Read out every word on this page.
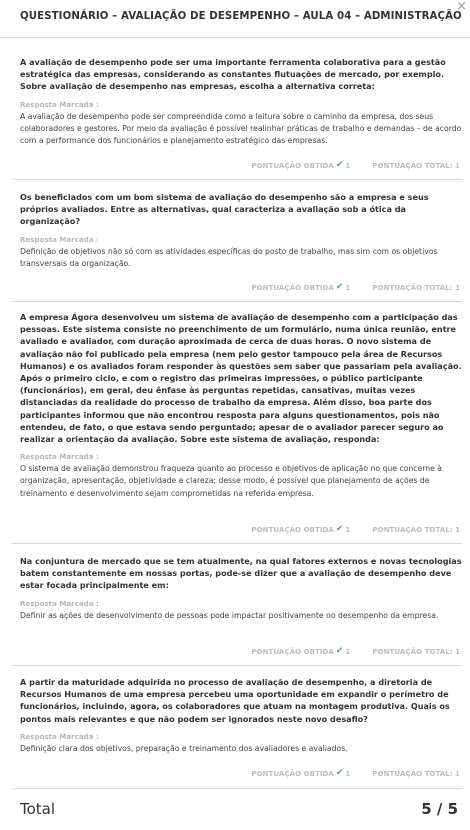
QUESTIONÁRIO – AVALIAÇÃO DE DESEMPENHO – AULA 04 – ADMINISTRAÇÃO
×
A avaliação de desempenho pode ser uma importante ferramenta colaborativa para a gestão estratégica das empresas, considerando as constantes flutuações de mercado, por exemplo. Sobre avaliação de desempenho nas empresas, escolha a alternativa correta:
Resposta Marcada :
A avaliação de desempenho pode ser compreendida como a leitura sobre o caminho da empresa, dos seus colaboradores e gestores. Por meio da avaliação é possível realinhar práticas de trabalho e demandas – de acordo com a performance dos funcionários e planejamento estratégico das empresas.
PONTUAÇÃO OBTIDA ✔ 1	PONTUAÇÃO TOTAL: 1
Os beneficiados com um bom sistema de avaliação do desempenho são a empresa e seus próprios avaliados. Entre as alternativas, qual caracteriza a avaliação sob a ótica da organização?
Resposta Marcada :
Definição de objetivos não só com as atividades específicas do posto de trabalho, mas sim com os objetivos transversais da organização.
PONTUAÇÃO OBTIDA ✔ 1	PONTUAÇÃO TOTAL: 1
A empresa Ágora desenvolveu um sistema de avaliação de desempenho com a participação das pessoas. Este sistema consiste no preenchimento de um formulário, numa única reunião, entre avaliado e avaliador, com duração aproximada de cerca de duas horas. O novo sistema de avaliação não foi publicado pela empresa (nem pelo gestor tampouco pela área de Recursos Humanos) e os avaliados foram responder às questões sem saber que passariam pela avaliação. Após o primeiro ciclo, e com o registro das primeiras impressões, o público participante (funcionários), em geral, deu ênfase às perguntas repetidas, cansativas, muitas vezes distanciadas da realidade do processo de trabalho da empresa. Além disso, boa parte dos participantes informou que não encontrou resposta para alguns questionamentos, pois não entendeu, de fato, o que estava sendo perguntado; apesar de o avaliador parecer seguro ao realizar a orientação da avaliação. Sobre este sistema de avaliação, responda:
Resposta Marcada :
O sistema de avaliação demonstrou fraqueza quanto ao processo e objetivos de aplicação no que concerne à organização, apresentação, objetividade e clareza; desse modo, é possível que planejamento de ações de treinamento e desenvolvimento sejam comprometidas na referida empresa.
PONTUAÇÃO OBTIDA ✔ 1	PONTUAÇÃO TOTAL: 1
Na conjuntura de mercado que se tem atualmente, na qual fatores externos e novas tecnologias batem constantemente em nossas portas, pode-se dizer que a avaliação de desempenho deve estar focada principalmente em:
Resposta Marcada :
Definir as ações de desenvolvimento de pessoas pode impactar positivamente no desempenho da empresa.
PONTUAÇÃO OBTIDA ✔ 1	PONTUAÇÃO TOTAL: 1
A partir da maturidade adquirida no processo de avaliação de desempenho, a diretoria de Recursos Humanos de uma empresa percebeu uma oportunidade em expandir o perímetro de funcionários, incluindo, agora, os colaboradores que atuam na montagem produtiva. Quais os pontos mais relevantes e que não podem ser ignorados neste novo desafio?
Resposta Marcada :
Definição clara dos objetivos, preparação e treinamento dos avaliadores e avaliados.
PONTUAÇÃO OBTIDA ✔ 1	PONTUAÇÃO TOTAL: 1
Total	5 / 5
